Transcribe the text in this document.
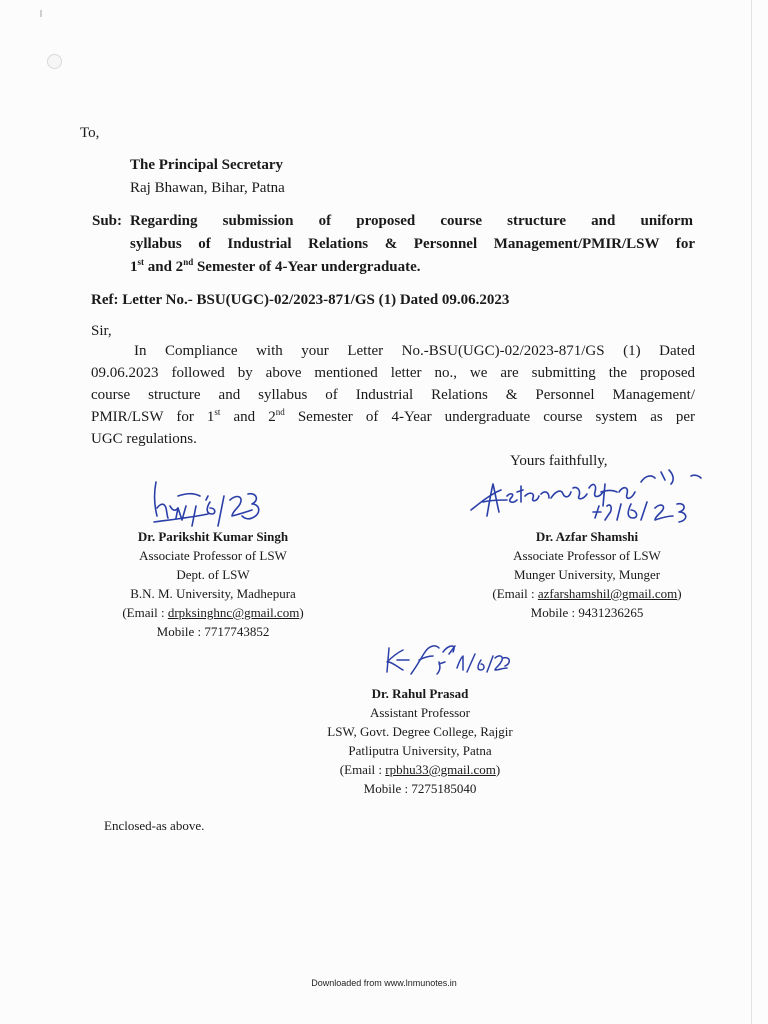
To,
The Principal Secretary
Raj Bhawan, Bihar, Patna
Sub: Regarding submission of proposed course structure and uniform
syllabus of Industrial Relations & Personnel Management/PMIR/LSW for
1st and 2nd Semester of 4-Year undergraduate.
Ref: Letter No.- BSU(UGC)-02/2023-871/GS (1) Dated 09.06.2023
Sir,
In Compliance with your Letter No.-BSU(UGC)-02/2023-871/GS (1) Dated
09.06.2023 followed by above mentioned letter no., we are submitting the proposed
course structure and syllabus of Industrial Relations & Personnel Management/
PMIR/LSW for 1st and 2nd Semester of 4-Year undergraduate course system as per
UGC regulations.
Yours faithfully,
Dr. Parikshit Kumar Singh
Associate Professor of LSW
Dept. of LSW
B.N. M. University, Madhepura
(Email : drpksinghnc@gmail.com)
Mobile : 7717743852
Dr. Azfar Shamshi
Associate Professor of LSW
Munger University, Munger
(Email : azfarshamshil@gmail.com)
Mobile : 9431236265
Dr. Rahul Prasad
Assistant Professor
LSW, Govt. Degree College, Rajgir
Patliputra University, Patna
(Email : rpbhu33@gmail.com)
Mobile : 7275185040
Enclosed-as above.
Downloaded from www.lnmunotes.in
